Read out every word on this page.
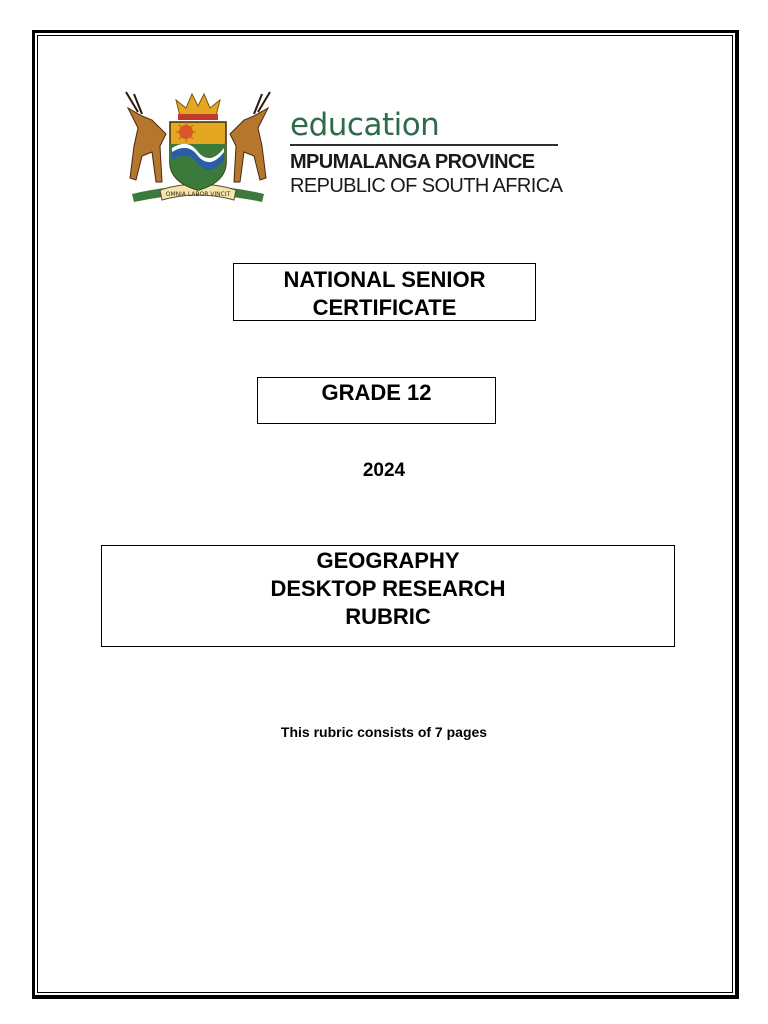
OMNIA LABOR VINCIT
education
MPUMALANGA PROVINCE
REPUBLIC OF SOUTH AFRICA
NATIONAL SENIOR
CERTIFICATE
GRADE 12
2024
GEOGRAPHY
DESKTOP RESEARCH
RUBRIC
This rubric consists of 7 pages
